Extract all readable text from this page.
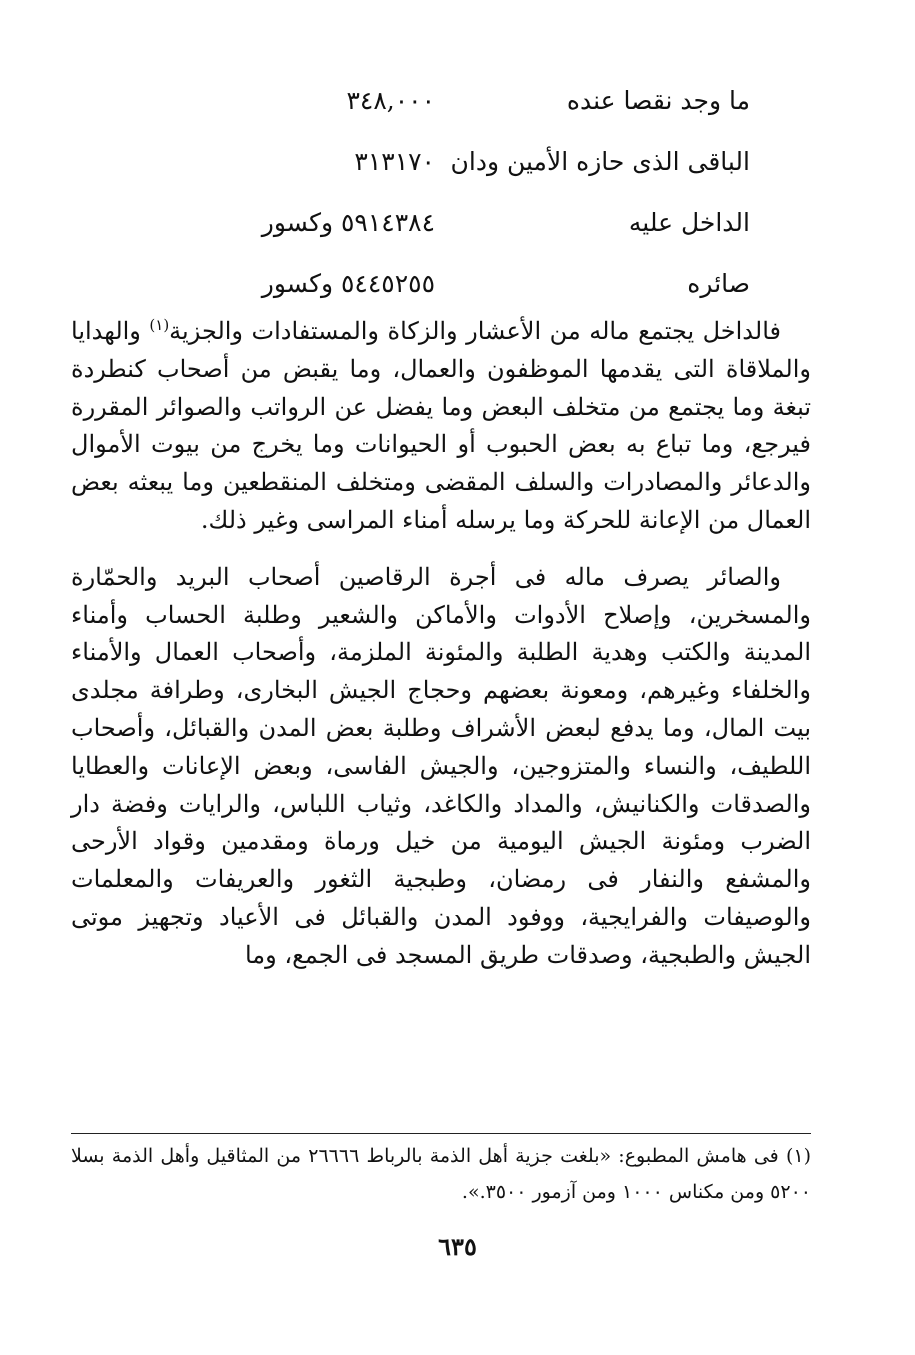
ما وجد نقصا عنده
٣٤٨,٠٠٠
الباقى الذى حازه الأمين ودان
٣١٣١٧٠
الداخل عليه
٥٩١٤٣٨٤ وكسور
صائره
٥٤٤٥٢٥٥ وكسور

فالداخل يجتمع ماله من الأعشار والزكاة والمستفادات والجزية$^{(١)}$ والهدايا والملاقاة التى يقدمها الموظفون والعمال، وما يقبض من أصحاب كنطردة تبغة وما يجتمع من متخلف البعض وما يفضل عن الرواتب والصوائر المقررة فيرجع، وما تباع به بعض الحبوب أو الحيوانات وما يخرج من بيوت الأموال والدعائر والمصادرات والسلف المقضى ومتخلف المنقطعين وما يبعثه بعض العمال من الإعانة للحركة وما يرسله أمناء المراسى وغير ذلك.

والصائر يصرف ماله فى أجرة الرقاصين أصحاب البريد والحمّارة والمسخرين، وإصلاح الأدوات والأماكن والشعير وطلبة الحساب وأمناء المدينة والكتب وهدية الطلبة والمئونة الملزمة، وأصحاب العمال والأمناء والخلفاء وغيرهم، ومعونة بعضهم وحجاج الجيش البخارى، وطرافة مجلدى بيت المال، وما يدفع لبعض الأشراف وطلبة بعض المدن والقبائل، وأصحاب اللطيف، والنساء والمتزوجين، والجيش الفاسى، وبعض الإعانات والعطايا والصدقات والكنانيش، والمداد والكاغد، وثياب اللباس، والرايات وفضة دار الضرب ومئونة الجيش اليومية من خيل ورماة ومقدمين وقواد الأرحى والمشفع والنفار فى رمضان، وطبجية الثغور والعريفات والمعلمات والوصيفات والفرايجية، ووفود المدن والقبائل فى الأعياد وتجهيز موتى الجيش والطبجية، وصدقات طريق المسجد فى الجمع، وما

(١) فى هامش المطبوع: «بلغت جزية أهل الذمة بالرباط ٢٦٦٦٦ من المثاقيل وأهل الذمة بسلا ٥٢٠٠ ومن مكناس ١٠٠٠ ومن آزمور ٣٥٠٠.».

٦٣٥
